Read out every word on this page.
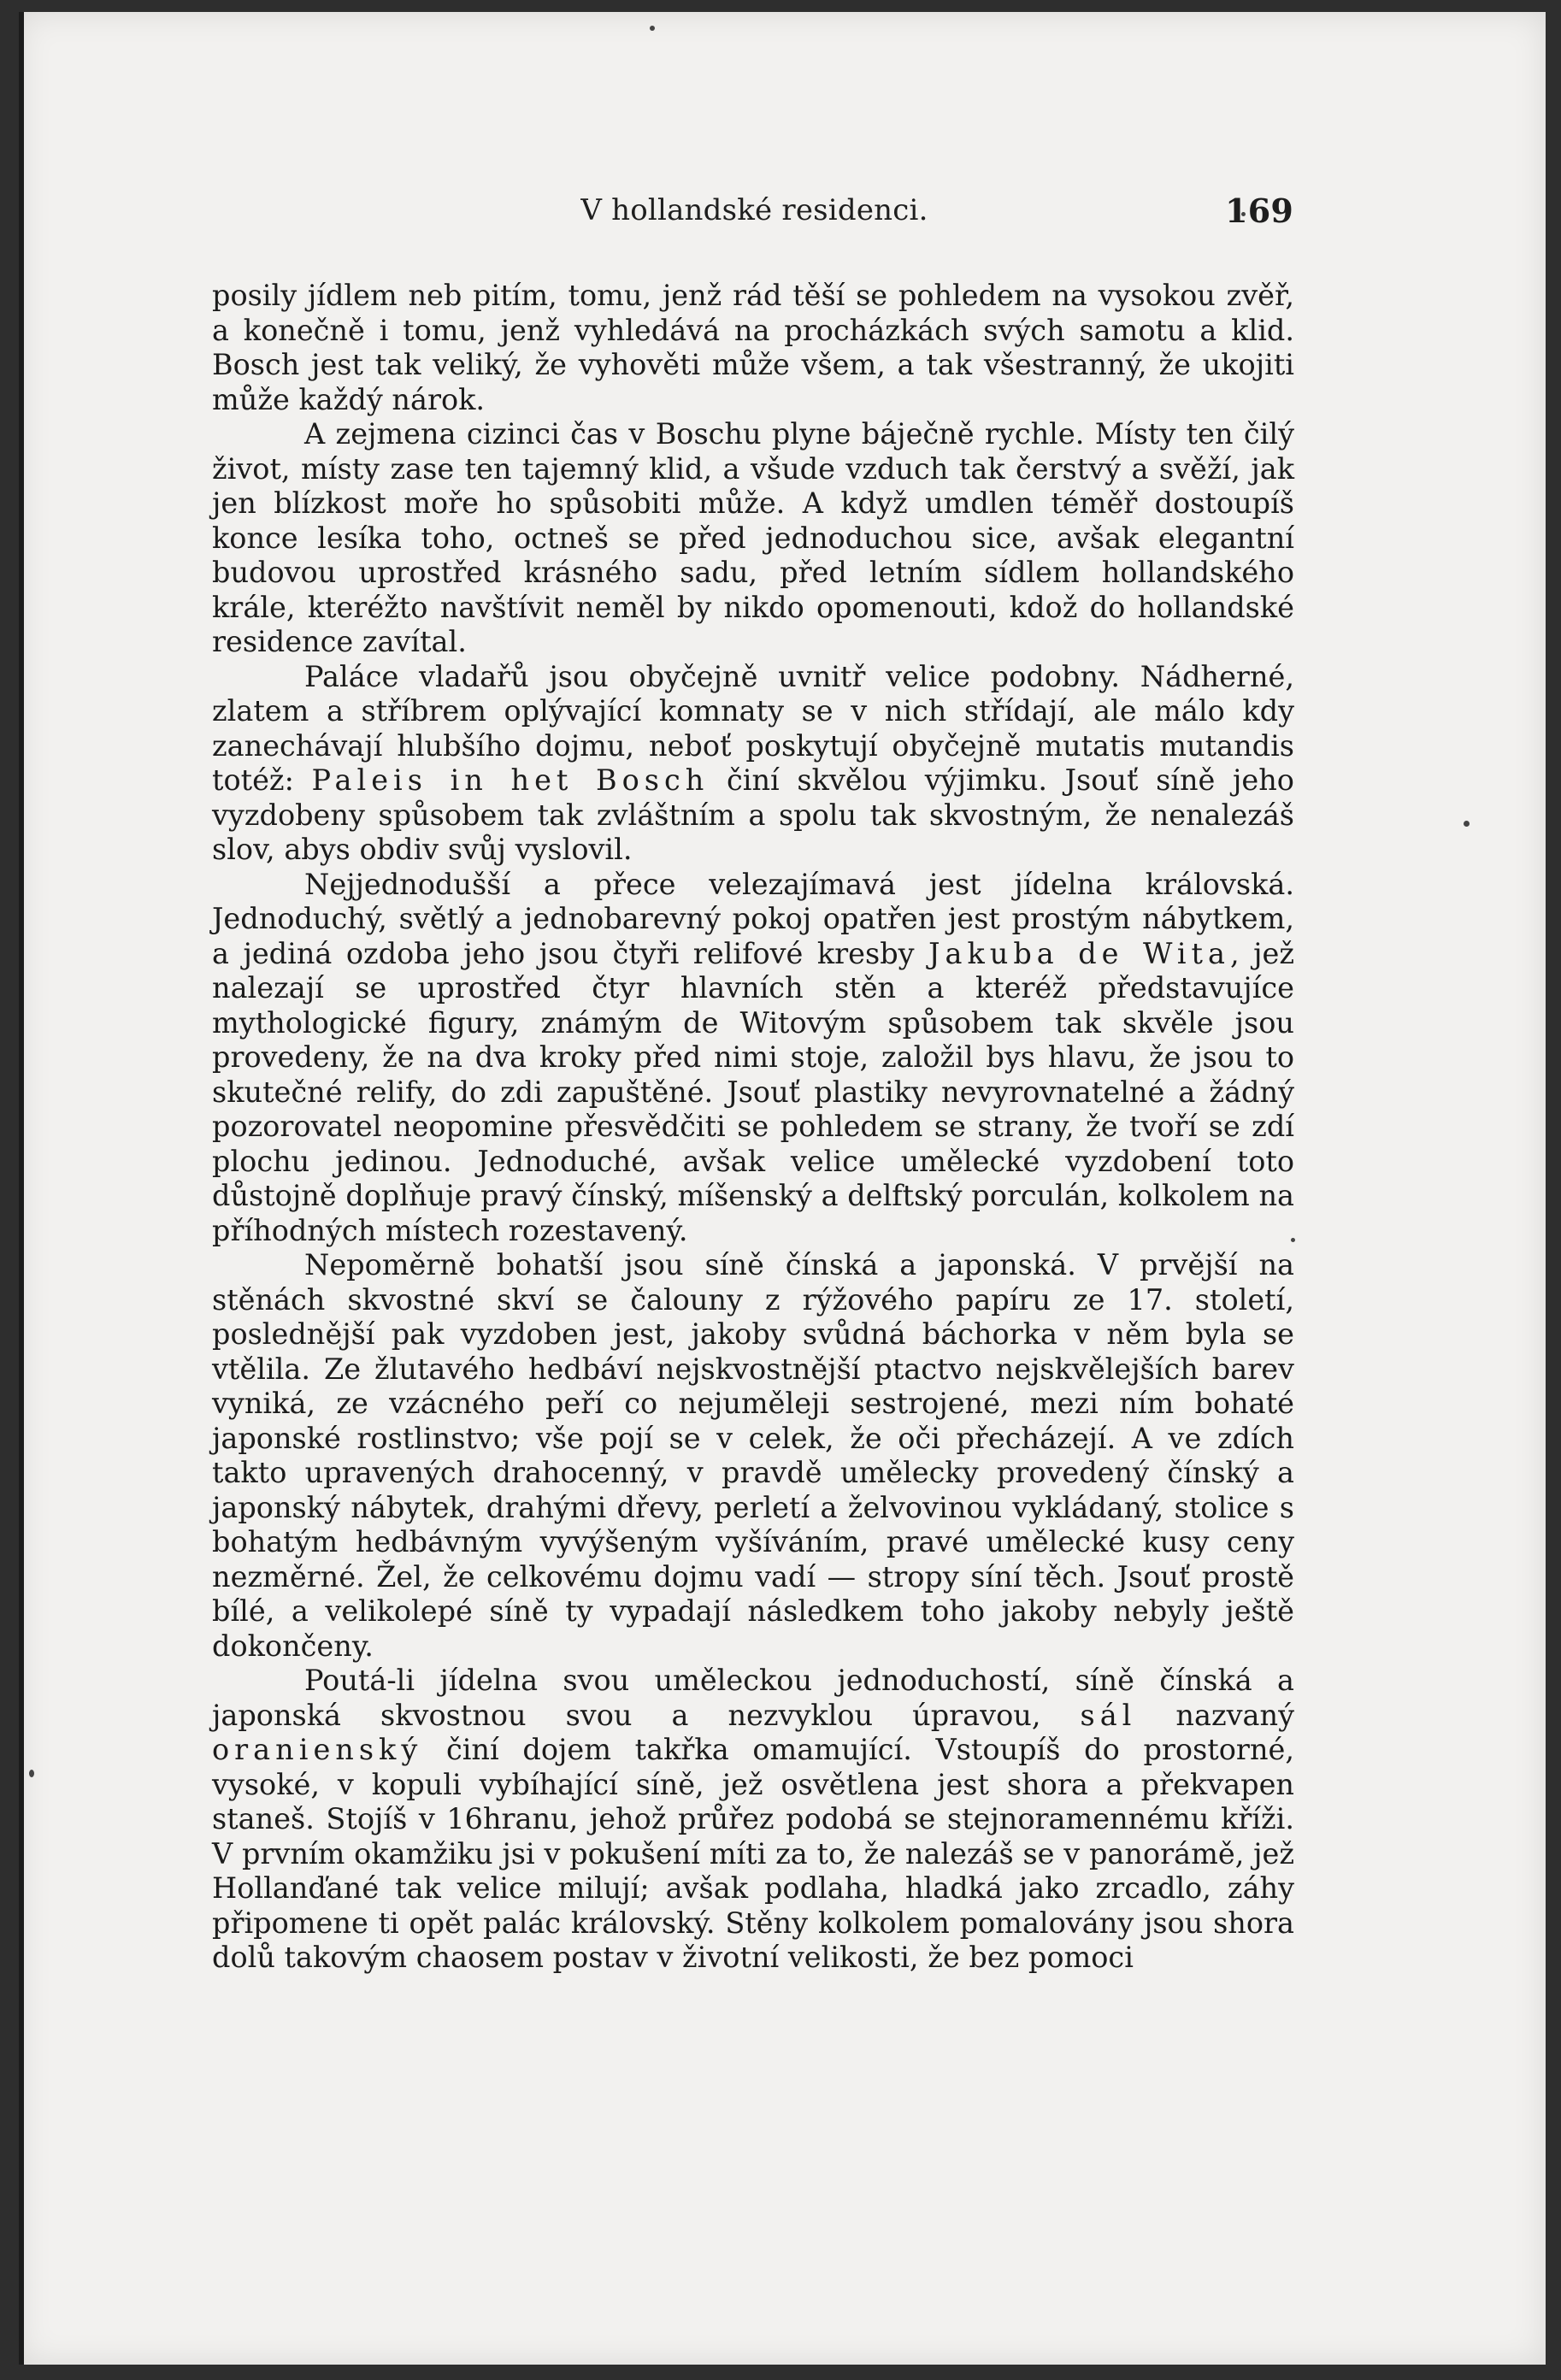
V hollandské residenci.	169

posily jídlem neb pitím, tomu, jenž rád těší se pohledem na vysokou zvěř, a konečně i tomu, jenž vyhledává na procházkách svých samotu a klid. Bosch jest tak veliký, že vyhověti může všem, a tak všestranný, že ukojiti může každý nárok.

A zejmena cizinci čas v Boschu plyne báječně rychle. Místy ten čilý život, místy zase ten tajemný klid, a všude vzduch tak čerstvý a svěží, jak jen blízkost moře ho spůsobiti může. A když umdlen téměř dostoupíš konce lesíka toho, octneš se před jednoduchou sice, avšak elegantní budovou uprostřed krásného sadu, před letním sídlem hollandského krále, kteréžto navštívit neměl by nikdo opomenouti, kdož do hollandské residence zavítal.

Paláce vladařů jsou obyčejně uvnitř velice podobny. Nádherné, zlatem a stříbrem oplývající komnaty se v nich střídají, ale málo kdy zanechávají hlubšího dojmu, neboť poskytují obyčejně mutatis mutandis totéž: Paleis in het Bosch činí skvělou výjimku. Jsouť síně jeho vyzdobeny spůsobem tak zvláštním a spolu tak skvostným, že nenalezáš slov, abys obdiv svůj vyslovil.

Nejjednodušší a přece velezajímavá jest jídelna královská. Jednoduchý, světlý a jednobarevný pokoj opatřen jest prostým nábytkem, a jediná ozdoba jeho jsou čtyři relifové kresby Jakuba de Wita, jež nalezají se uprostřed čtyr hlavních stěn a kteréž představujíce mythologické figury, známým de Witovým spůsobem tak skvěle jsou provedeny, že na dva kroky před nimi stoje, založil bys hlavu, že jsou to skutečné relify, do zdi zapuštěné. Jsouť plastiky nevyrovnatelné a žádný pozorovatel neopomine přesvědčiti se pohledem se strany, že tvoří se zdí plochu jedinou. Jednoduché, avšak velice umělecké vyzdobení toto důstojně doplňuje pravý čínský, míšenský a delftský porculán, kolkolem na příhodných místech rozestavený.

Nepoměrně bohatší jsou síně čínská a japonská. V prvější na stěnách skvostné skví se čalouny z rýžového papíru ze 17. století, poslednější pak vyzdoben jest, jakoby svůdná báchorka v něm byla se vtělila. Ze žlutavého hedbáví nejskvostnější ptactvo nejskvělejších barev vyniká, ze vzácného peří co nejuměleji sestrojené, mezi ním bohaté japonské rostlinstvo; vše pojí se v celek, že oči přecházejí. A ve zdích takto upravených drahocenný, v pravdě umělecky provedený čínský a japonský nábytek, drahými dřevy, perletí a želvovinou vykládaný, stolice s bohatým hedbávným vyvýšeným vyšíváním, pravé umělecké kusy ceny nezměrné. Žel, že celkovému dojmu vadí — stropy síní těch. Jsouť prostě bílé, a velikolepé síně ty vypadají následkem toho jakoby nebyly ještě dokončeny.

Poutá-li jídelna svou uměleckou jednoduchostí, síně čínská a japonská skvostnou svou a nezvyklou úpravou, sál nazvaný oranienský činí dojem takřka omamující. Vstoupíš do prostorné, vysoké, v kopuli vybíhající síně, jež osvětlena jest shora a překvapen staneš. Stojíš v 16hranu, jehož průřez podobá se stejnoramennému kříži. V prvním okamžiku jsi v pokušení míti za to, že nalezáš se v panorámě, jež Hollanďané tak velice milují; avšak podlaha, hladká jako zrcadlo, záhy připomene ti opět palác královský. Stěny kolkolem pomalovány jsou shora dolů takovým chaosem postav v životní velikosti, že bez pomoci
